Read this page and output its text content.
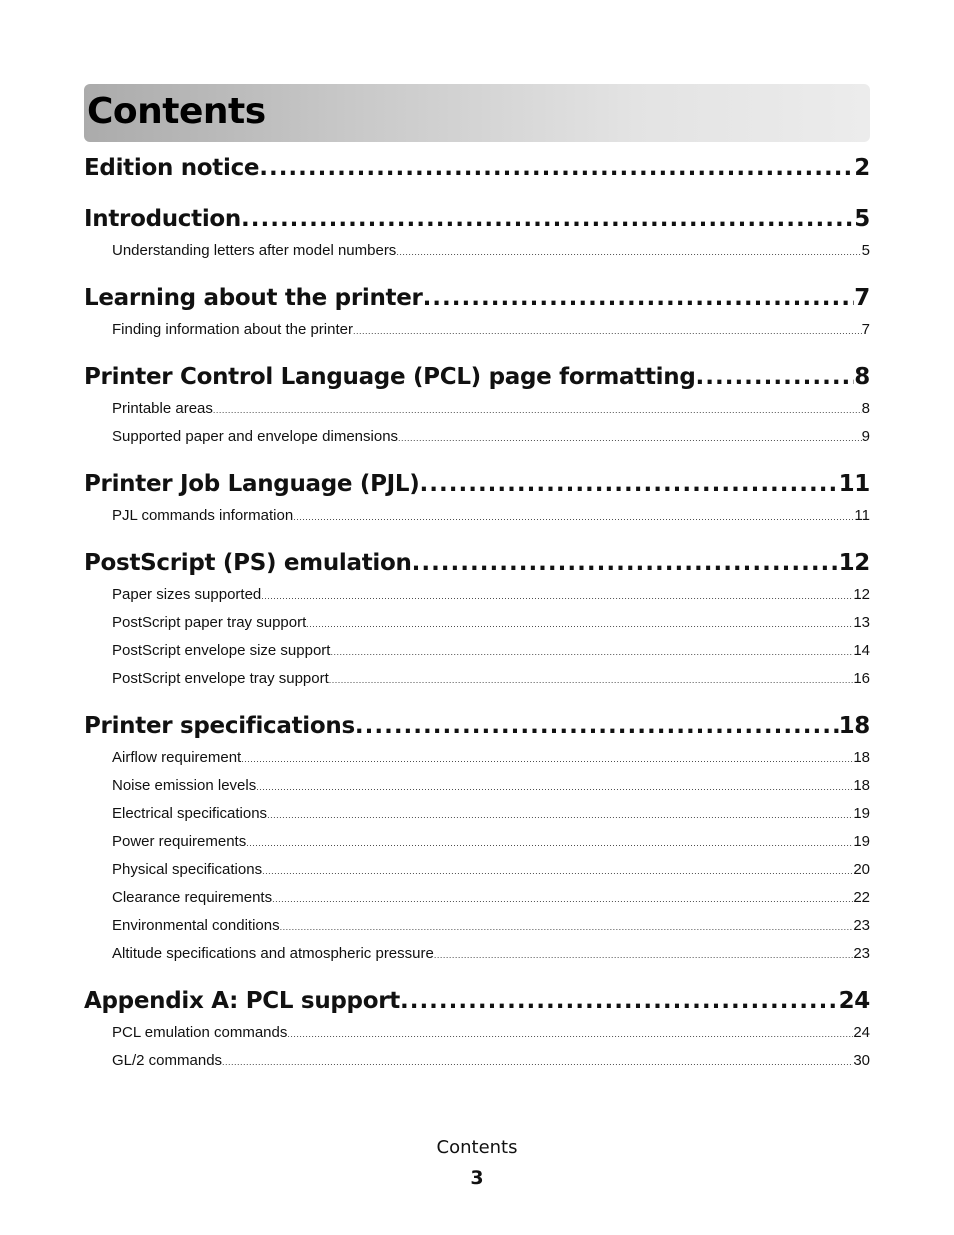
Contents
Edition notice .....	2
Introduction .....	5
Understanding letters after model numbers .....	5
Learning about the printer .....	7
Finding information about the printer .....	7
Printer Control Language (PCL) page formatting .....	8
Printable areas .....	8
Supported paper and envelope dimensions .....	9
Printer Job Language (PJL) .....	11
PJL commands information .....	11
PostScript (PS) emulation .....	12
Paper sizes supported .....	12
PostScript paper tray support .....	13
PostScript envelope size support .....	14
PostScript envelope tray support .....	16
Printer specifications .....	18
Airflow requirement .....	18
Noise emission levels .....	18
Electrical specifications .....	19
Power requirements .....	19
Physical specifications .....	20
Clearance requirements .....	22
Environmental conditions .....	23
Altitude specifications and atmospheric pressure .....	23
Appendix A: PCL support .....	24
PCL emulation commands .....	24
GL/2 commands .....	30
Contents
3
